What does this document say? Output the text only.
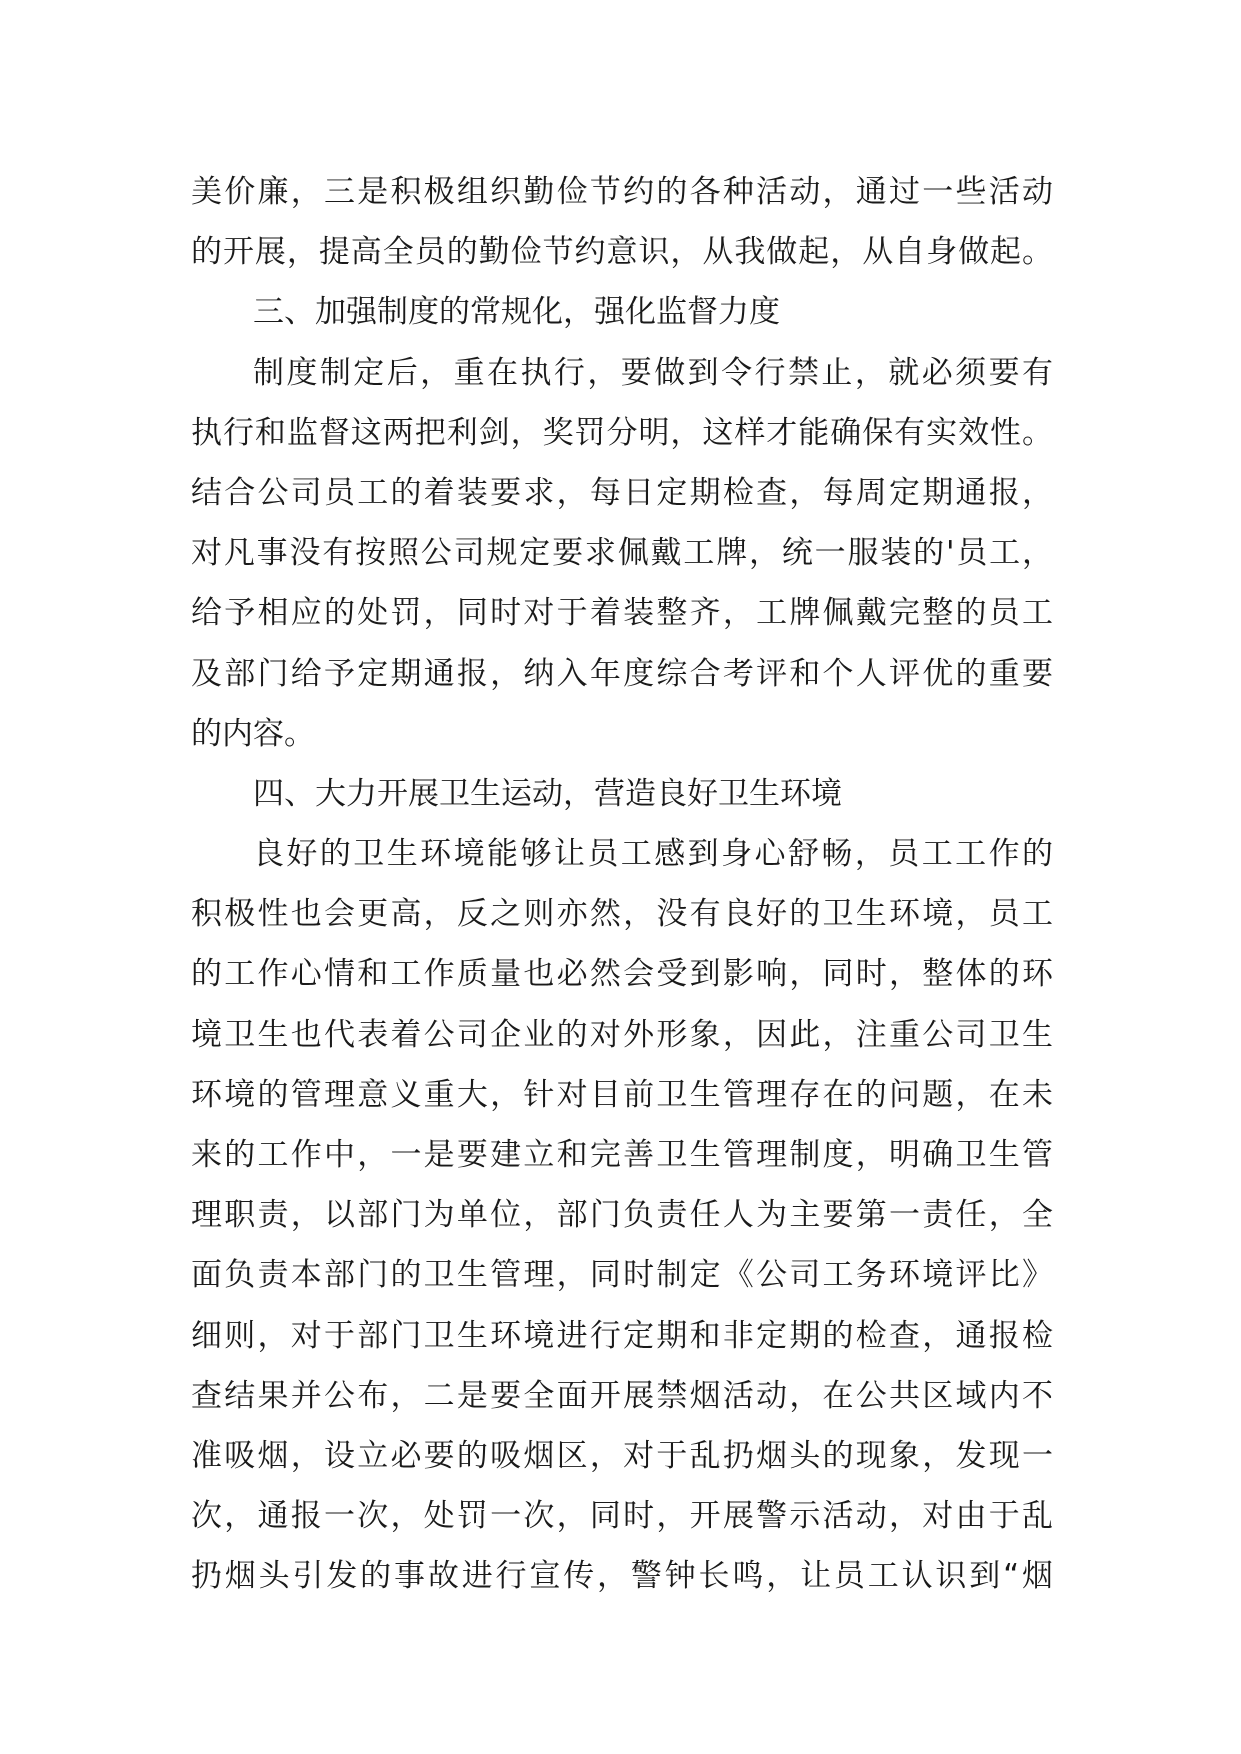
美价廉，三是积极组织勤俭节约的各种活动，通过一些活动
的开展，提高全员的勤俭节约意识，从我做起，从自身做起。
三、加强制度的常规化，强化监督力度
制度制定后，重在执行，要做到令行禁止，就必须要有
执行和监督这两把利剑，奖罚分明，这样才能确保有实效性。
结合公司员工的着装要求，每日定期检查，每周定期通报，
对凡事没有按照公司规定要求佩戴工牌，统一服装的'员工，
给予相应的处罚，同时对于着装整齐，工牌佩戴完整的员工
及部门给予定期通报，纳入年度综合考评和个人评优的重要
的内容。
四、大力开展卫生运动，营造良好卫生环境
良好的卫生环境能够让员工感到身心舒畅，员工工作的
积极性也会更高，反之则亦然，没有良好的卫生环境，员工
的工作心情和工作质量也必然会受到影响，同时，整体的环
境卫生也代表着公司企业的对外形象，因此，注重公司卫生
环境的管理意义重大，针对目前卫生管理存在的问题，在未
来的工作中，一是要建立和完善卫生管理制度，明确卫生管
理职责，以部门为单位，部门负责任人为主要第一责任，全
面负责本部门的卫生管理，同时制定《公司工务环境评比》
细则，对于部门卫生环境进行定期和非定期的检查，通报检
查结果并公布，二是要全面开展禁烟活动，在公共区域内不
准吸烟，设立必要的吸烟区，对于乱扔烟头的现象，发现一
次，通报一次，处罚一次，同时，开展警示活动，对由于乱
扔烟头引发的事故进行宣传，警钟长鸣，让员工认识到“烟
